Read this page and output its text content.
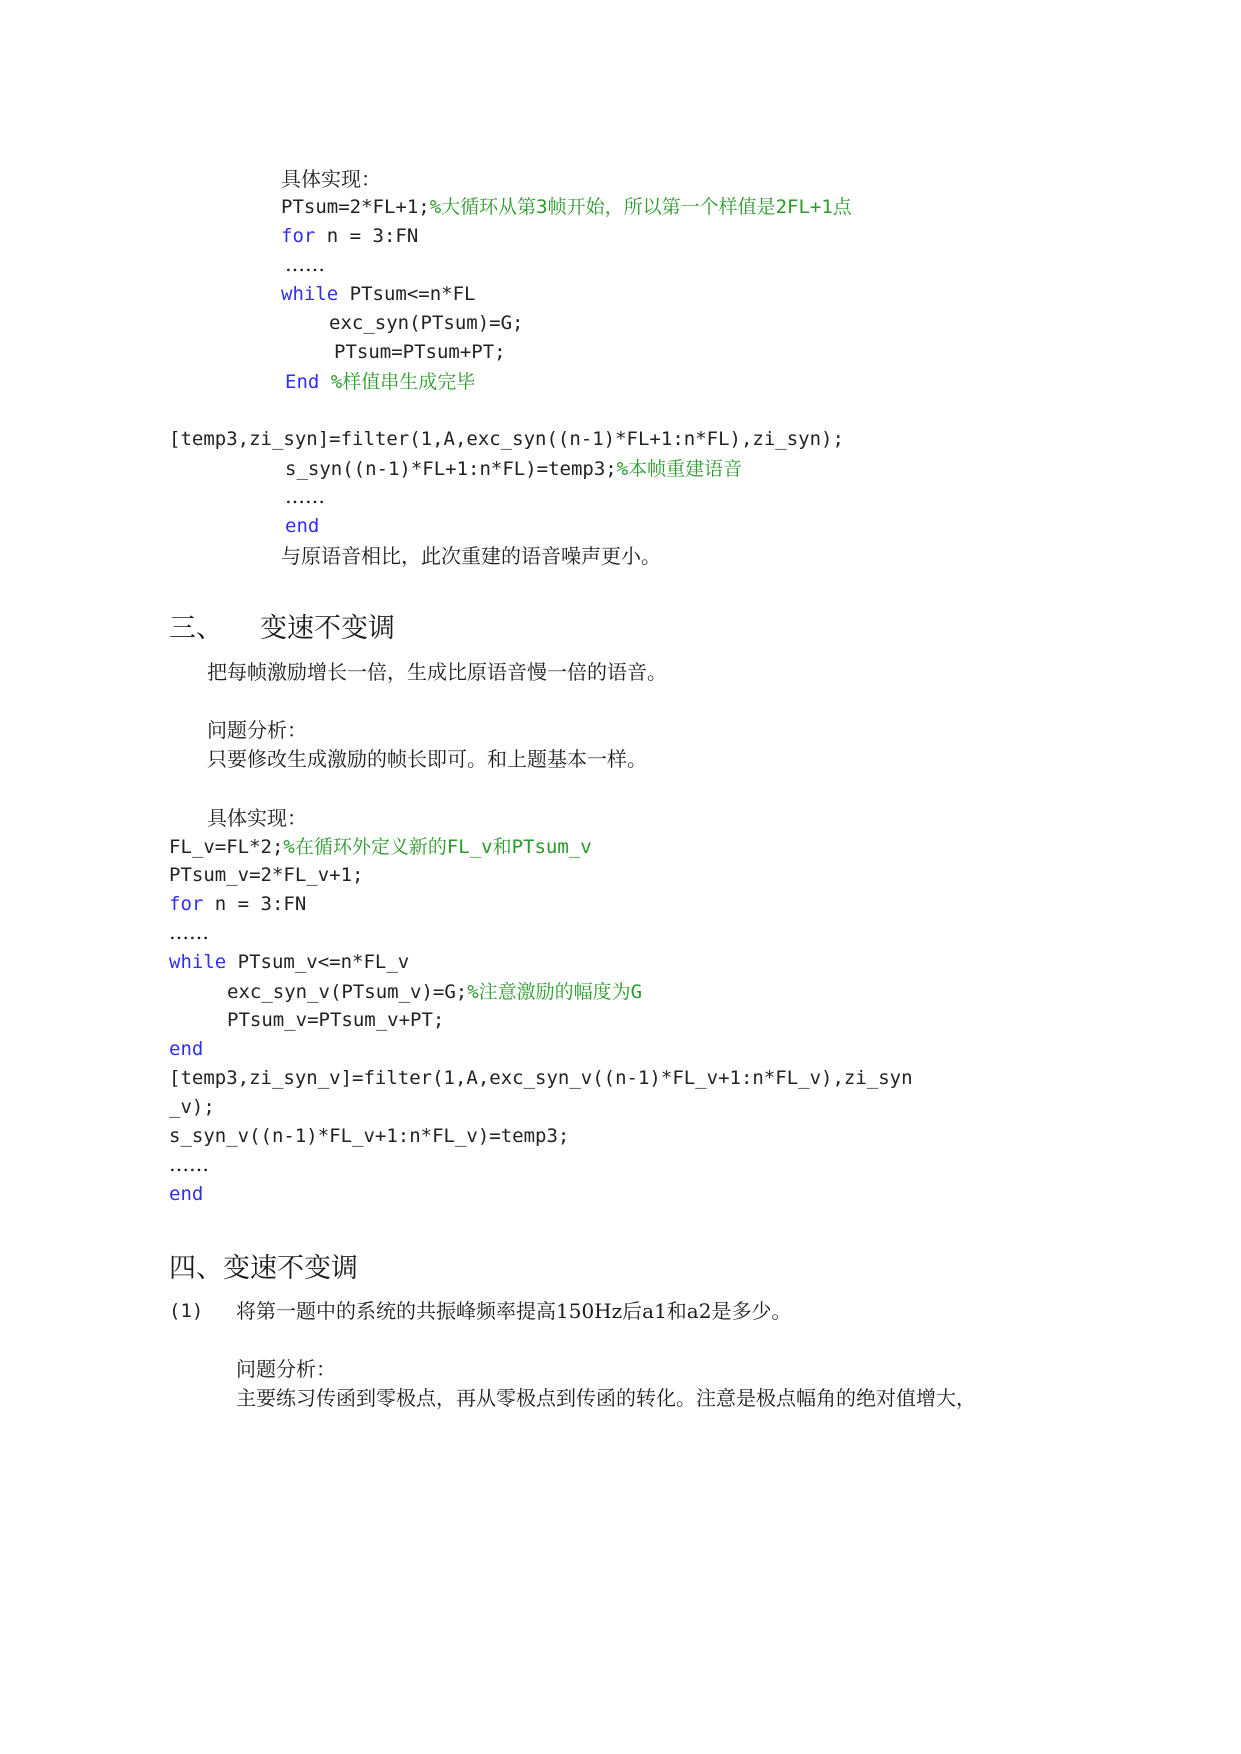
具体实现：
PTsum=2*FL+1;%大循环从第3帧开始，所以第一个样值是2FL+1点
for n = 3:FN
……
while PTsum<=n*FL
exc_syn(PTsum)=G;
PTsum=PTsum+PT;
End %样值串生成完毕
[temp3,zi_syn]=filter(1,A,exc_syn((n-1)*FL+1:n*FL),zi_syn);
s_syn((n-1)*FL+1:n*FL)=temp3;%本帧重建语音
……
end
与原语音相比，此次重建的语音噪声更小。
三、 变速不变调
把每帧激励增长一倍，生成比原语音慢一倍的语音。
问题分析：
只要修改生成激励的帧长即可。和上题基本一样。
具体实现：
FL_v=FL*2;%在循环外定义新的FL_v和PTsum_v
PTsum_v=2*FL_v+1;
for n = 3:FN
……
while PTsum_v<=n*FL_v
exc_syn_v(PTsum_v)=G;%注意激励的幅度为G
PTsum_v=PTsum_v+PT;
end
[temp3,zi_syn_v]=filter(1,A,exc_syn_v((n-1)*FL_v+1:n*FL_v),zi_syn
_v);
s_syn_v((n-1)*FL_v+1:n*FL_v)=temp3;
……
end
四、变速不变调
(1) 将第一题中的系统的共振峰频率提高150Hz后a1和a2是多少。
问题分析：
主要练习传函到零极点，再从零极点到传函的转化。注意是极点幅角的绝对值增大，
